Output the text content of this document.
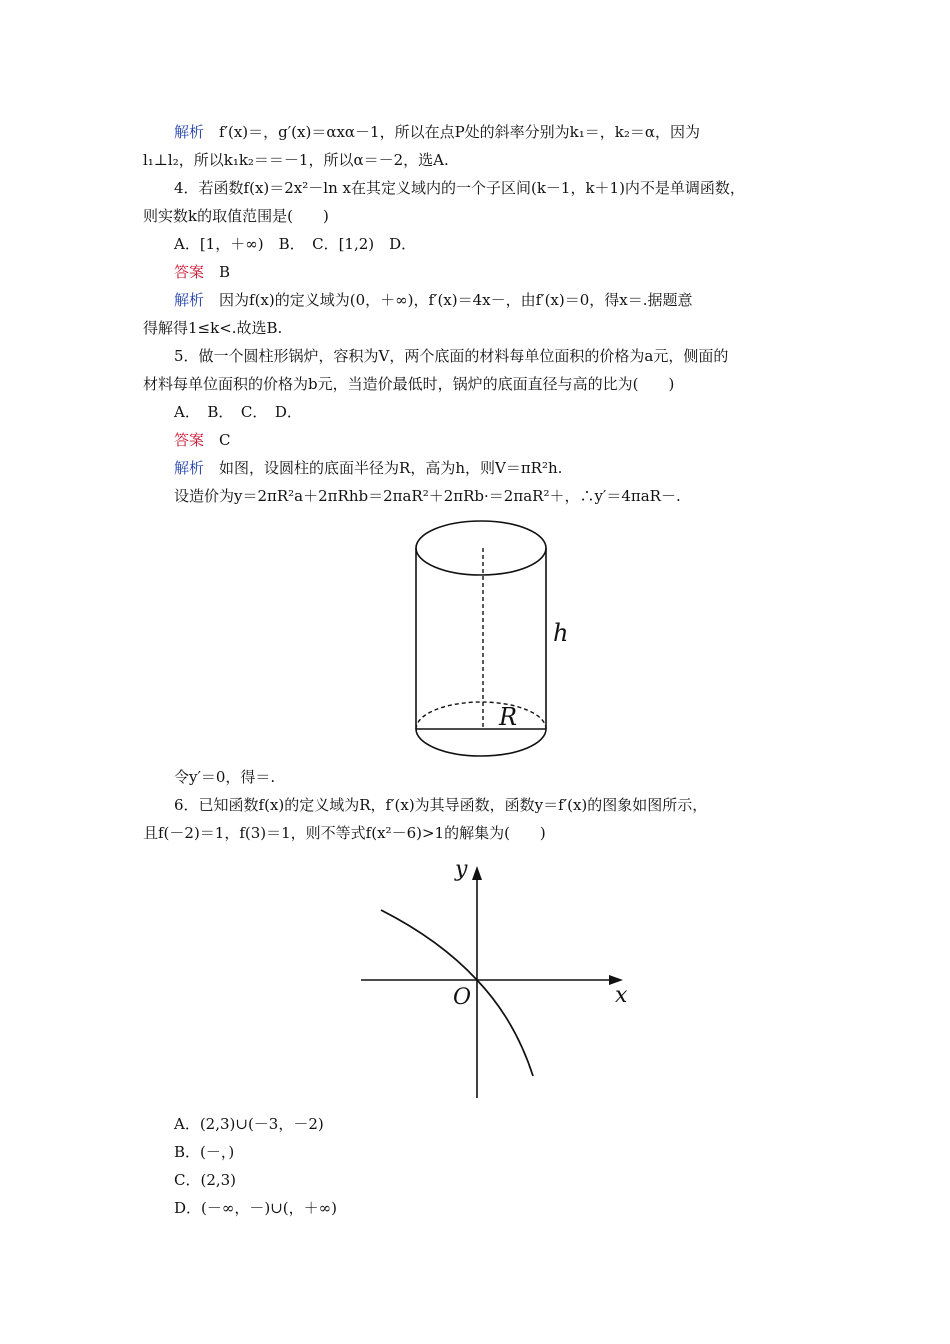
解析　 f′(x)＝，g′(x)＝αxα－1，所以在点P处的斜率分别为k₁＝，k₂＝α，因为
l₁⊥l₂，所以k₁k₂＝＝－1，所以α＝－2，选A.
4．若函数f(x)＝2x²－ln x在其定义域内的一个子区间(k－1，k＋1)内不是单调函数，
则实数k的取值范围是(　　)
A．[1，＋∞)　B．　C．[1,2)　D．
答案　 B
解析　 因为f(x)的定义域为(0，＋∞)，f′(x)＝4x－，由f′(x)＝0，得x＝.据题意
得解得1≤k<.故选B.
5．做一个圆柱形锅炉，容积为V，两个底面的材料每单位面积的价格为a元，侧面的
材料每单位面积的价格为b元，当造价最低时，锅炉的底面直径与高的比为(　　)
A．　B．　C．　D．
答案　 C
解析　 如图，设圆柱的底面半径为R，高为h，则V＝πR²h.
设造价为y＝2πR²a＋2πRhb＝2πaR²＋2πRb·＝2πaR²＋，∴y′＝4πaR－.
h
R
令y′＝0，得＝.
6．已知函数f(x)的定义域为R，f′(x)为其导函数，函数y＝f′(x)的图象如图所示，
且f(－2)＝1，f(3)＝1，则不等式f(x²－6)>1的解集为(　　)
x
y
O
A．(2,3)∪(－3，－2)
B．(－，)
C．(2,3)
D．(－∞，－)∪(，＋∞)
